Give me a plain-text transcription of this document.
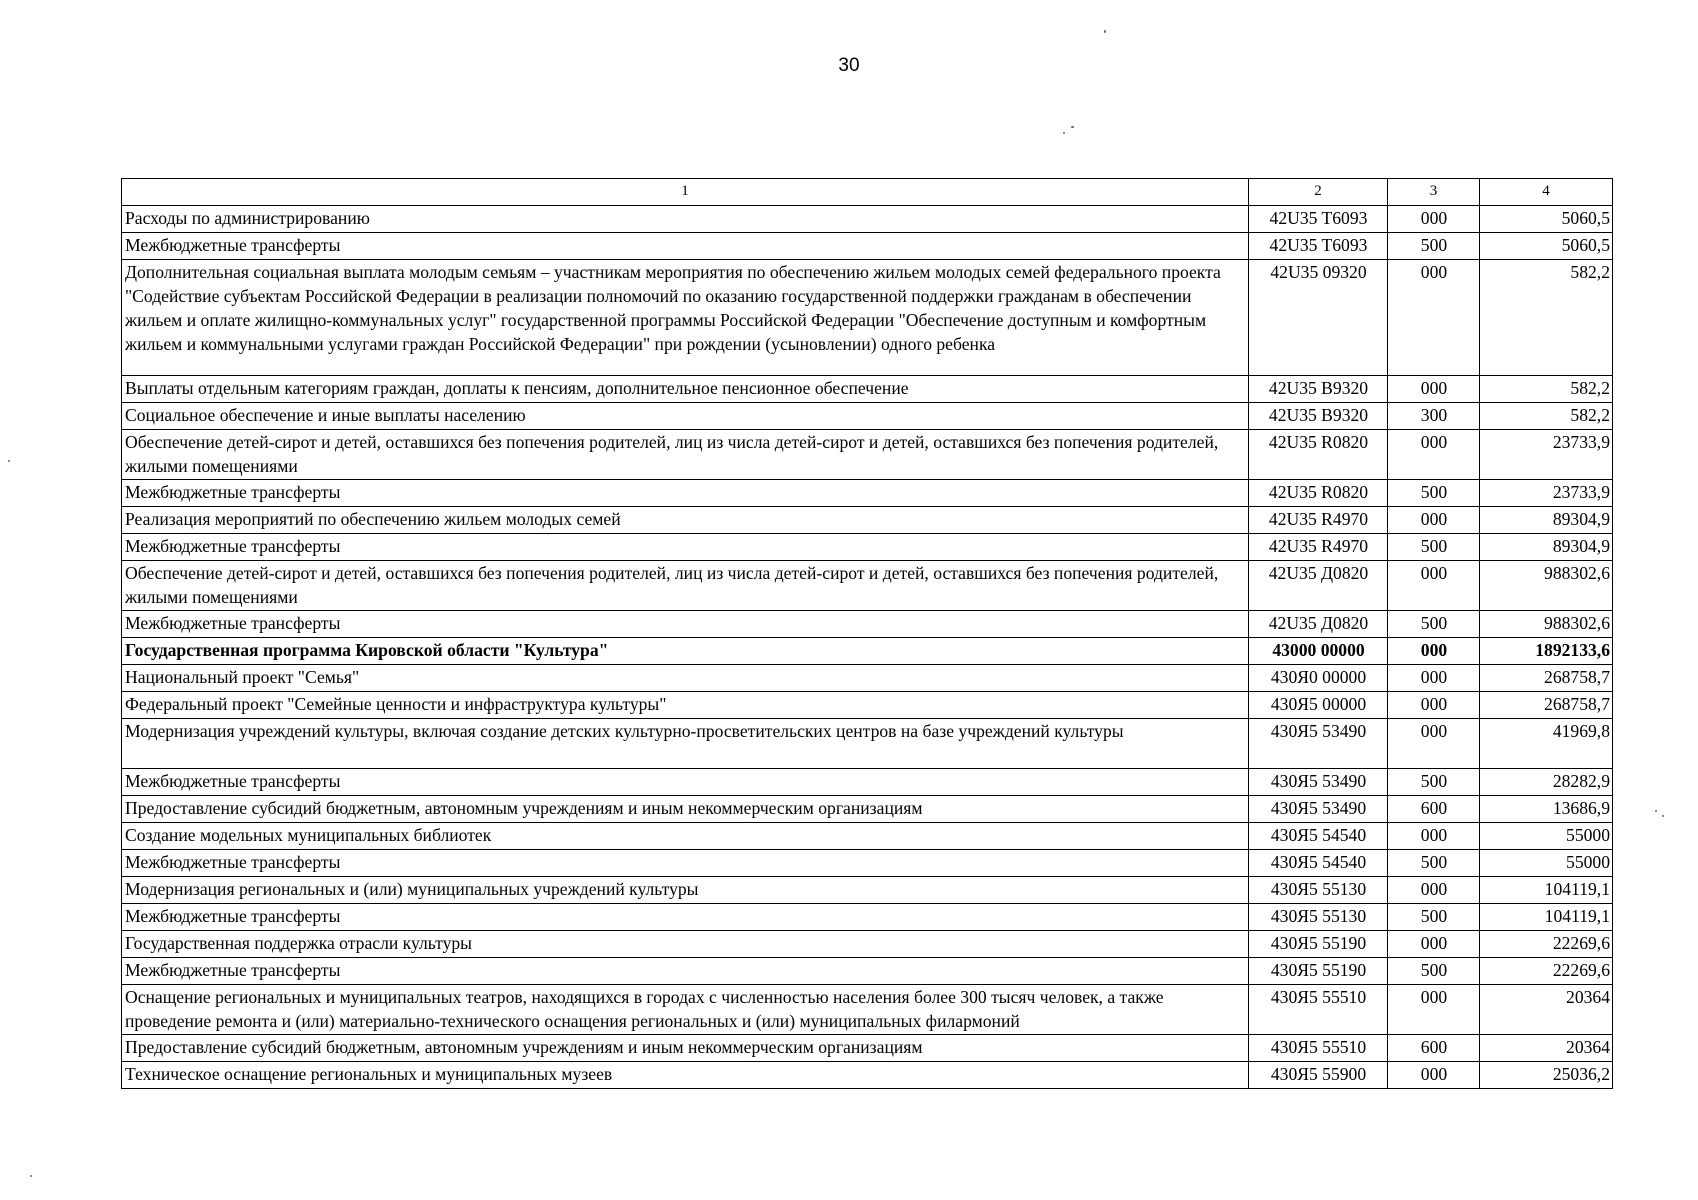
30
1	2	3	4
Расходы по администрированию	42U35 T6093	000	5060,5
Межбюджетные трансферты	42U35 T6093	500	5060,5
Дополнительная социальная выплата молодым семьям – участникам мероприятия по обеспечению жильем молодых семей федерального проекта "Содействие субъектам Российской Федерации в реализации полномочий по оказанию государственной поддержки гражданам в обеспечении жильем и оплате жилищно-коммунальных услуг" государственной программы Российской Федерации "Обеспечение доступным и комфортным жильем и коммунальными услугами граждан Российской Федерации" при рождении (усыновлении) одного ребенка	42U35 09320	000	582,2
Выплаты отдельным категориям граждан, доплаты к пенсиям, дополнительное пенсионное обеспечение	42U35 B9320	000	582,2
Социальное обеспечение и иные выплаты населению	42U35 B9320	300	582,2
Обеспечение детей-сирот и детей, оставшихся без попечения родителей, лиц из числа детей-сирот и детей, оставшихся без попечения родителей, жилыми помещениями	42U35 R0820	000	23733,9
Межбюджетные трансферты	42U35 R0820	500	23733,9
Реализация мероприятий по обеспечению жильем молодых семей	42U35 R4970	000	89304,9
Межбюджетные трансферты	42U35 R4970	500	89304,9
Обеспечение детей-сирот и детей, оставшихся без попечения родителей, лиц из числа детей-сирот и детей, оставшихся без попечения родителей, жилыми помещениями	42U35 Д0820	000	988302,6
Межбюджетные трансферты	42U35 Д0820	500	988302,6
Государственная программа Кировской области "Культура"	43000 00000	000	1892133,6
Национальный проект "Семья"	430Я0 00000	000	268758,7
Федеральный проект "Семейные ценности и инфраструктура культуры"	430Я5 00000	000	268758,7
Модернизация учреждений культуры, включая создание детских культурно-просветительских центров на базе учреждений культуры	430Я5 53490	000	41969,8
Межбюджетные трансферты	430Я5 53490	500	28282,9
Предоставление субсидий бюджетным, автономным учреждениям и иным некоммерческим организациям	430Я5 53490	600	13686,9
Создание модельных муниципальных библиотек	430Я5 54540	000	55000
Межбюджетные трансферты	430Я5 54540	500	55000
Модернизация региональных и (или) муниципальных учреждений культуры	430Я5 55130	000	104119,1
Межбюджетные трансферты	430Я5 55130	500	104119,1
Государственная поддержка отрасли культуры	430Я5 55190	000	22269,6
Межбюджетные трансферты	430Я5 55190	500	22269,6
Оснащение региональных и муниципальных театров, находящихся в городах с численностью населения более 300 тысяч человек, а также проведение ремонта и (или) материально-технического оснащения региональных и (или) муниципальных филармоний	430Я5 55510	000	20364
Предоставление субсидий бюджетным, автономным учреждениям и иным некоммерческим организациям	430Я5 55510	600	20364
Техническое оснащение региональных и муниципальных музеев	430Я5 55900	000	25036,2
